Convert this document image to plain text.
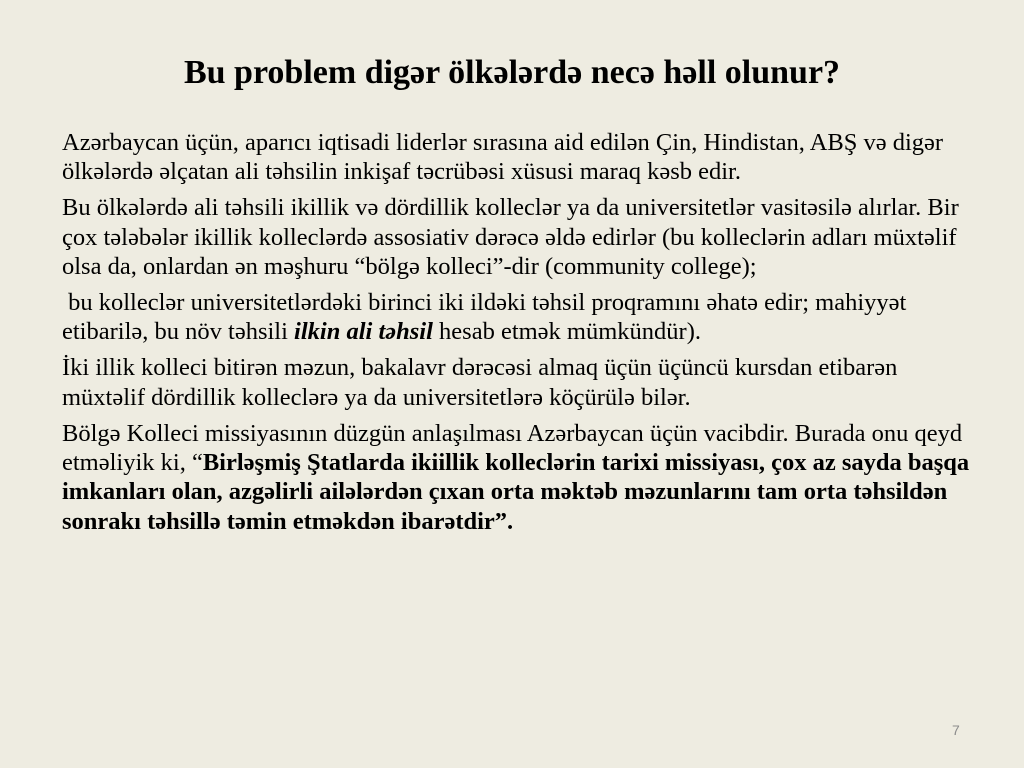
Bu problem digər ölkələrdə necə həll olunur?

Azərbaycan üçün, aparıcı iqtisadi liderlər sırasına aid edilən Çin, Hindistan, ABŞ və digər ölkələrdə əlçatan ali təhsilin inkişaf təcrübəsi xüsusi maraq kəsb edir.

Bu ölkələrdə ali təhsili ikillik və dördillik kolleclər ya da universitetlər vasitəsilə alırlar. Bir çox tələbələr ikillik kolleclərdə assosiativ dərəcə əldə edirlər (bu kolleclərin adları müxtəlif olsa da, onlardan ən məşhuru “bölgə kolleci”-dir (community college);

bu kolleclər universitetlərdəki birinci iki ildəki təhsil proqramını əhatə edir; mahiyyət etibarilə, bu növ təhsili ilkin ali təhsil hesab etmək mümkündür).

İki illik kolleci bitirən məzun, bakalavr dərəcəsi almaq üçün üçüncü kursdan etibarən müxtəlif dördillik kolleclərə ya da universitetlərə köçürülə bilər.

Bölgə Kolleci missiyasının düzgün anlaşılması Azərbaycan üçün vacibdir. Burada onu qeyd etməliyik ki, “Birləşmiş Ştatlarda ikiillik kolleclərin tarixi missiyası, çox az sayda başqa imkanları olan, azgəlirli ailələrdən çıxan orta məktəb məzunlarını tam orta təhsildən sonrakı təhsillə təmin etməkdən ibarətdir”.

7
